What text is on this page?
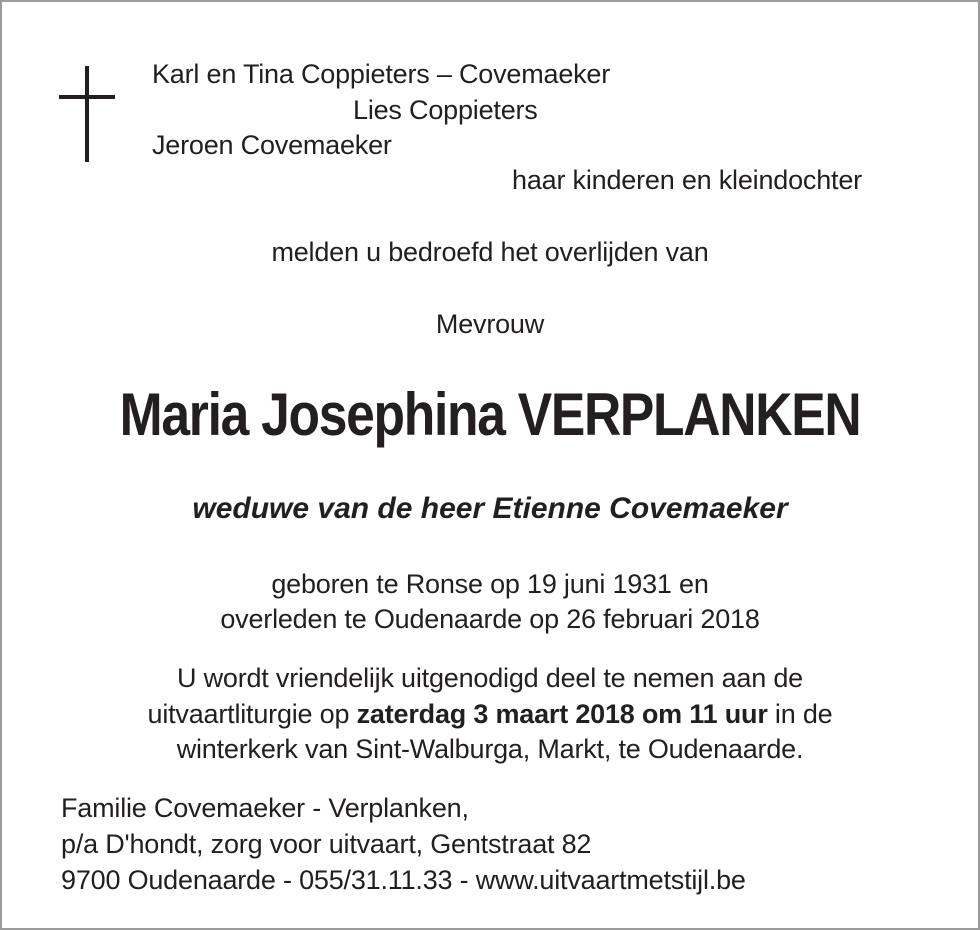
Karl en Tina Coppieters – Covemaeker
Lies Coppieters
Jeroen Covemaeker
haar kinderen en kleindochter
melden u bedroefd het overlijden van
Mevrouw
Maria Josephina VERPLANKEN
weduwe van de heer Etienne Covemaeker
geboren te Ronse op 19 juni 1931 en
overleden te Oudenaarde op 26 februari 2018
U wordt vriendelijk uitgenodigd deel te nemen aan de
uitvaartliturgie op zaterdag 3 maart 2018 om 11 uur in de
winterkerk van Sint-Walburga, Markt, te Oudenaarde.
Familie Covemaeker - Verplanken,
p/a D'hondt, zorg voor uitvaart, Gentstraat 82
9700 Oudenaarde - 055/31.11.33 - www.uitvaartmetstijl.be
